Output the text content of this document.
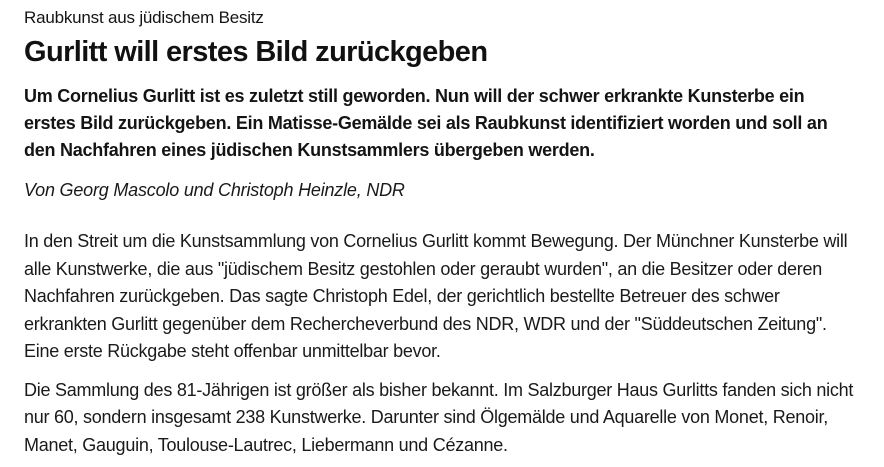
Raubkunst aus jüdischem Besitz

Gurlitt will erstes Bild zurückgeben

Um Cornelius Gurlitt ist es zuletzt still geworden. Nun will der schwer erkrankte Kunsterbe ein erstes Bild zurückgeben. Ein Matisse-Gemälde sei als Raubkunst identifiziert worden und soll an den Nachfahren eines jüdischen Kunstsammlers übergeben werden.

Von Georg Mascolo und Christoph Heinzle, NDR

In den Streit um die Kunstsammlung von Cornelius Gurlitt kommt Bewegung. Der Münchner Kunsterbe will alle Kunstwerke, die aus "jüdischem Besitz gestohlen oder geraubt wurden", an die Besitzer oder deren Nachfahren zurückgeben. Das sagte Christoph Edel, der gerichtlich bestellte Betreuer des schwer erkrankten Gurlitt gegenüber dem Rechercheverbund des NDR, WDR und der "Süddeutschen Zeitung". Eine erste Rückgabe steht offenbar unmittelbar bevor.

Die Sammlung des 81-Jährigen ist größer als bisher bekannt. Im Salzburger Haus Gurlitts fanden sich nicht nur 60, sondern insgesamt 238 Kunstwerke. Darunter sind Ölgemälde und Aquarelle von Monet, Renoir, Manet, Gauguin, Toulouse-Lautrec, Liebermann und Cézanne.
